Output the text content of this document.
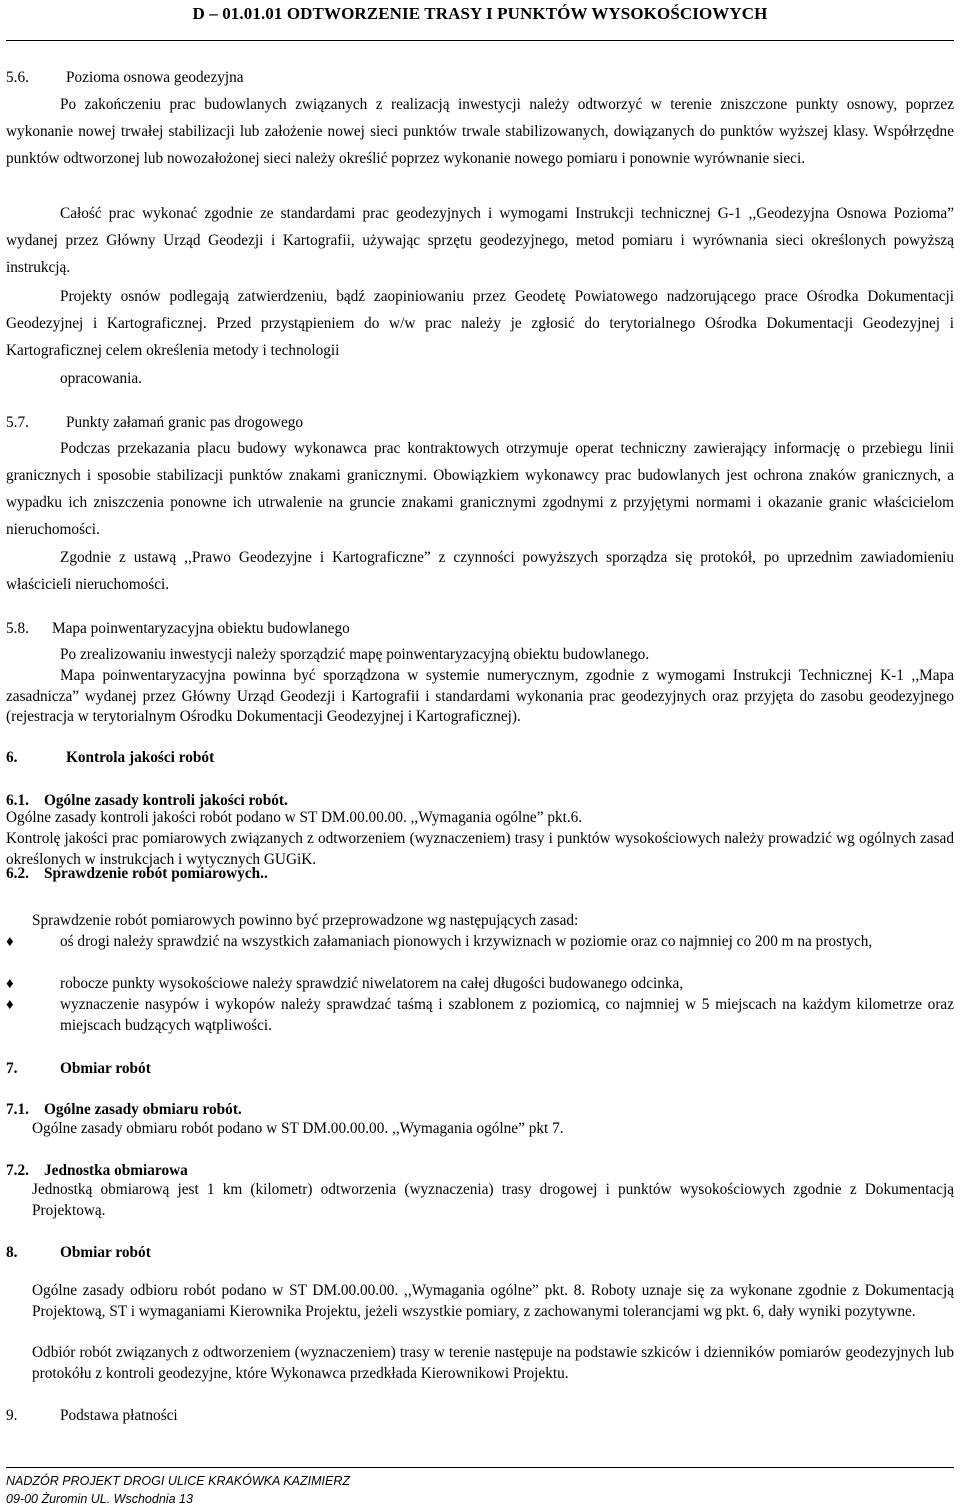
D – 01.01.01 ODTWORZENIE TRASY I PUNKTÓW WYSOKOŚCIOWYCH
5.6. Pozioma osnowa geodezyjna
Po zakończeniu prac budowlanych związanych z realizacją inwestycji należy odtworzyć w terenie zniszczone punkty osnowy, poprzez wykonanie nowej trwałej stabilizacji lub założenie nowej sieci punktów trwale stabilizowanych, dowiązanych do punktów wyższej klasy. Współrzędne punktów odtworzonej lub nowozałożonej sieci należy określić poprzez wykonanie nowego pomiaru i ponownie wyrównanie sieci.
Całość prac wykonać zgodnie ze standardami prac geodezyjnych i wymogami Instrukcji technicznej G-1 ,,Geodezyjna Osnowa Pozioma” wydanej przez Główny Urząd Geodezji i Kartografii, używając sprzętu geodezyjnego, metod pomiaru i wyrównania sieci określonych powyższą instrukcją.
Projekty osnów podlegają zatwierdzeniu, bądź zaopiniowaniu przez Geodetę Powiatowego nadzorującego prace Ośrodka Dokumentacji Geodezyjnej i Kartograficznej. Przed przystąpieniem do w/w prac należy je zgłosić do terytorialnego Ośrodka Dokumentacji Geodezyjnej i Kartograficznej celem określenia metody i technologii
opracowania.
5.7. Punkty załamań granic pas drogowego
Podczas przekazania placu budowy wykonawca prac kontraktowych otrzymuje operat techniczny zawierający informację o przebiegu linii granicznych i sposobie stabilizacji punktów znakami granicznymi. Obowiązkiem wykonawcy prac budowlanych jest ochrona znaków granicznych, a wypadku ich zniszczenia ponowne ich utrwalenie na gruncie znakami granicznymi zgodnymi z przyjętymi normami i okazanie granic właścicielom nieruchomości.
Zgodnie z ustawą ,,Prawo Geodezyjne i Kartograficzne” z czynności powyższych sporządza się protokół, po uprzednim zawiadomieniu właścicieli nieruchomości.
5.8. Mapa poinwentaryzacyjna obiektu budowlanego
Po zrealizowaniu inwestycji należy sporządzić mapę poinwentaryzacyjną obiektu budowlanego.
Mapa poinwentaryzacyjna powinna być sporządzona w systemie numerycznym, zgodnie z wymogami Instrukcji Technicznej K-1 ,,Mapa zasadnicza” wydanej przez Główny Urząd Geodezji i Kartografii i standardami wykonania prac geodezyjnych oraz przyjęta do zasobu geodezyjnego (rejestracja w terytorialnym Ośrodku Dokumentacji Geodezyjnej i Kartograficznej).
6.	Kontrola jakości robót
6.1. Ogólne zasady kontroli jakości robót.
Ogólne zasady kontroli jakości robót podano w ST DM.00.00.00. ,,Wymagania ogólne” pkt.6.
Kontrolę jakości prac pomiarowych związanych z odtworzeniem (wyznaczeniem) trasy i punktów wysokościowych należy prowadzić wg ogólnych zasad określonych w instrukcjach i wytycznych GUGiK.
6.2. Sprawdzenie robót pomiarowych..
Sprawdzenie robót pomiarowych powinno być przeprowadzone wg następujących zasad:
♦	oś drogi należy sprawdzić na wszystkich załamaniach pionowych i krzywiznach w poziomie oraz co najmniej co 200 m na prostych,
♦	robocze punkty wysokościowe należy sprawdzić niwelatorem na całej długości budowanego odcinka,
♦	wyznaczenie nasypów i wykopów należy sprawdzać taśmą i szablonem z poziomicą, co najmniej w 5 miejscach na każdym kilometrze oraz miejscach budzących wątpliwości.
7.	Obmiar robót
7.1. Ogólne zasady obmiaru robót.
Ogólne zasady obmiaru robót podano w ST DM.00.00.00. ,,Wymagania ogólne” pkt 7.
7.2. Jednostka obmiarowa
Jednostką obmiarową jest 1 km (kilometr) odtworzenia (wyznaczenia) trasy drogowej i punktów wysokościowych zgodnie z Dokumentacją Projektową.
8.	Obmiar robót
Ogólne zasady odbioru robót podano w ST DM.00.00.00. ,,Wymagania ogólne” pkt. 8. Roboty uznaje się za wykonane zgodnie z Dokumentacją Projektową, ST i wymaganiami Kierownika Projektu, jeżeli wszystkie pomiary, z zachowanymi tolerancjami wg pkt. 6, dały wyniki pozytywne.
Odbiór robót związanych z odtworzeniem (wyznaczeniem) trasy w terenie następuje na podstawie szkiców i dzienników pomiarów geodezyjnych lub protokółu z kontroli geodezyjne, które Wykonawca przedkłada Kierownikowi Projektu.
9.	Podstawa płatności
NADZÓR PROJEKT DROGI ULICE KRAKÓWKA KAZIMIERZ
09-00 Żuromin UL. Wschodnia 13
